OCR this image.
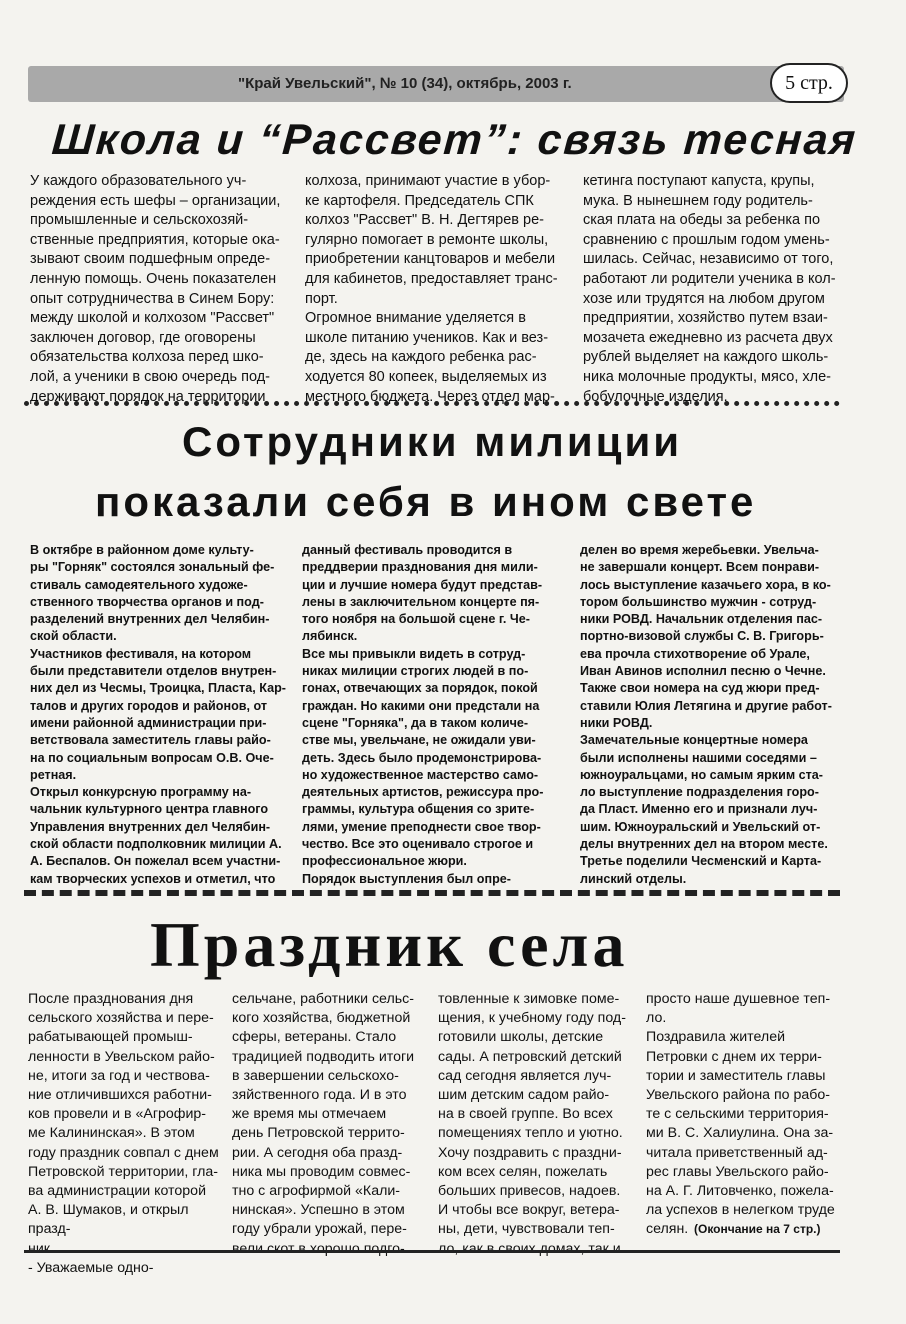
"Край Увельский", № 10 (34), октябрь, 2003 г.	5 стр.
Школа и “Рассвет”: связь тесная

У каждого образовательного уч-
реждения есть шефы – организации,
промышленные и сельскохозяй-
ственные предприятия, которые ока-
зывают своим подшефным опреде-
ленную помощь. Очень показателен
опыт сотрудничества в Синем Бору:
между школой и колхозом "Рассвет"
заключен договор, где оговорены
обязательства колхоза перед шко-
лой, а ученики в свою очередь под-
держивают порядок на территории

колхоза, принимают участие в убор-
ке картофеля. Председатель СПК
колхоз "Рассвет" В. Н. Дегтярев ре-
гулярно помогает в ремонте школы,
приобретении канцтоваров и мебели
для кабинетов, предоставляет транс-
порт.
Огромное внимание уделяется в
школе питанию учеников. Как и вез-
де, здесь на каждого ребенка рас-
ходуется 80 копеек, выделяемых из
местного бюджета. Через отдел мар-

кетинга поступают капуста, крупы,
мука. В нынешнем году родитель-
ская плата на обеды за ребенка по
сравнению с прошлым годом умень-
шилась. Сейчас, независимо от того,
работают ли родители ученика в кол-
хозе или трудятся на любом другом
предприятии, хозяйство путем взаи-
мозачета ежедневно из расчета двух
рублей выделяет на каждого школь-
ника молочные продукты, мясо, хле-
бобулочные изделия.

Сотрудники милиции
показали себя в ином свете

В октябре в районном доме культу-
ры "Горняк" состоялся зональный фе-
стиваль самодеятельного художе-
ственного творчества органов и под-
разделений внутренних дел Челябин-
ской области.
Участников фестиваля, на котором
были представители отделов внутрен-
них дел из Чесмы, Троицка, Пласта, Кар-
талов и других городов и районов, от
имени районной администрации при-
ветствовала заместитель главы райо-
на по социальным вопросам О.В. Оче-
ретная.
Открыл конкурсную программу на-
чальник культурного центра главного
Управления внутренних дел Челябин-
ской области подполковник милиции А.
А. Беспалов. Он пожелал всем участни-
кам творческих успехов и отметил, что

данный фестиваль проводится в
преддверии празднования дня мили-
ции и лучшие номера будут представ-
лены в заключительном концерте пя-
того ноября на большой сцене г. Че-
лябинск.
Все мы привыкли видеть в сотруд-
никах милиции строгих людей в по-
гонах, отвечающих за порядок, покой
граждан. Но какими они предстали на
сцене "Горняка", да в таком количе-
стве мы, увельчане, не ожидали уви-
деть. Здесь было продемонстрирова-
но художественное мастерство само-
деятельных артистов, режиссура про-
граммы, культура общения со зрите-
лями, умение преподнести свое твор-
чество. Все это оценивало строгое и
профессиональное жюри.
Порядок выступления был опре-

делен во время жеребьевки. Увельча-
не завершали концерт. Всем понрави-
лось выступление казачьего хора, в ко-
тором большинство мужчин - сотруд-
ники РОВД. Начальник отделения пас-
портно-визовой службы С. В. Григорь-
ева прочла стихотворение об Урале,
Иван Авинов исполнил песню о Чечне.
Также свои номера на суд жюри пред-
ставили Юлия Летягина и другие работ-
ники РОВД.
Замечательные концертные номера
были исполнены нашими соседями –
южноуральцами, но самым ярким ста-
ло выступление подразделения горо-
да Пласт. Именно его и признали луч-
шим. Южноуральский и Увельский от-
делы внутренних дел на втором месте.
Третье поделили Чесменский и Карта-
линский отделы.

Праздник села

После празднования дня
сельского хозяйства и пере-
рабатывающей промыш-
ленности в Увельском райо-
не, итоги за год и чествова-
ние отличившихся работни-
ков провели и в «Агрофир-
ме Калининская». В этом
году праздник совпал с днем
Петровской территории, гла-
ва администрации которой
А. В. Шумаков, и открыл празд-
ник.
- Уважаемые одно-

сельчане, работники сельс-
кого хозяйства, бюджетной
сферы, ветераны. Стало
традицией подводить итоги
в завершении сельскохо-
зяйственного года. И в это
же время мы отмечаем
день Петровской террито-
рии. А сегодня оба празд-
ника мы проводим совмес-
тно с агрофирмой «Кали-
нинская». Успешно в этом
году убрали урожай, пере-
вели скот в хорошо подго-

товленные к зимовке поме-
щения, к учебному году под-
готовили школы, детские
сады. А петровский детский
сад сегодня является луч-
шим детским садом райо-
на в своей группе. Во всех
помещениях тепло и уютно.
Хочу поздравить с праздни-
ком всех селян, пожелать
больших привесов, надоев.
И чтобы все вокруг, ветера-
ны, дети, чувствовали теп-
ло, как в своих домах, так и

просто наше душевное теп-
ло.
Поздравила жителей
Петровки с днем их терри-
тории и заместитель главы
Увельского района по рабо-
те с сельскими территория-
ми В. С. Халиулина. Она за-
читала приветственный ад-
рес главы Увельского райо-
на А. Г. Литовченко, пожела-
ла успехов в нелегком труде
селян. (Окончание на 7 стр.)
